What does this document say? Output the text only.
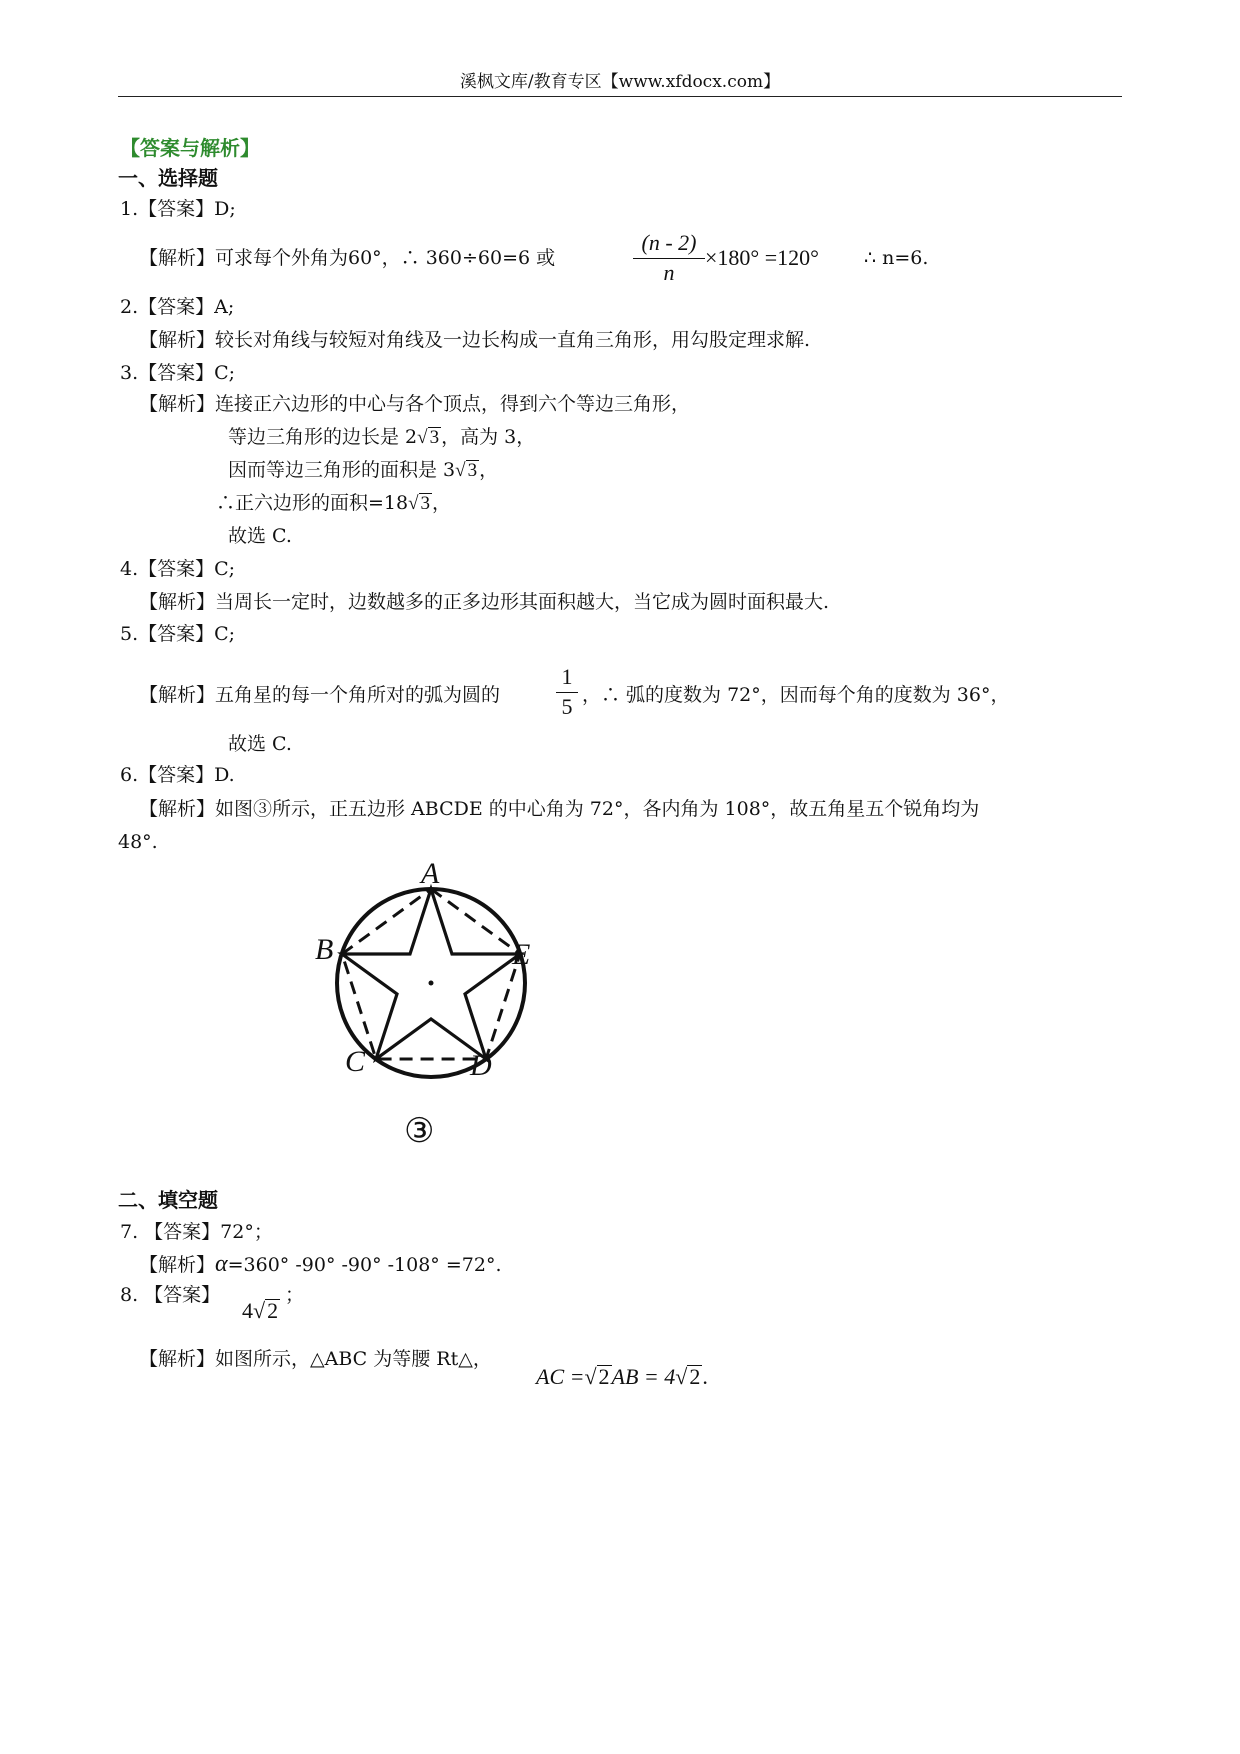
溪枫文库/教育专区【www.xfdocx.com】
【答案与解析】
一、选择题
1.【答案】D;
【解析】可求每个外角为60°，∴ 360÷60=6 或
(n - 2)
n
×180° =120° ∴ n=6.
2.【答案】A;
【解析】较长对角线与较短对角线及一边长构成一直角三角形，用勾股定理求解.
3.【答案】C;
【解析】连接正六边形的中心与各个顶点，得到六个等边三角形，
等边三角形的边长是 2√ 3 ，高为 3，
因而等边三角形的面积是 3√ 3 ，
∴正六边形的面积=18√ 3 ，
故选 C.
4.【答案】C;
【解析】当周长一定时，边数越多的正多边形其面积越大，当它成为圆时面积最大.
5.【答案】C;
【解析】五角星的每一个角所对的弧为圆的
1
5 ，∴ 弧的度数为 72°，因而每个角的度数为 36°，
故选 C.
6.【答案】D.
【解析】如图③所示，正五边形 ABCDE 的中心角为 72°，各内角为 108°，故五角星五个锐角均为
48°.
A
B	E
C	D
③
二、填空题
7. 【答案】72°；
【解析】α=360° -90° -90° -108° =72°.
8. 【答案】
4√2
；
【解析】如图所示，△ABC 为等腰 Rt△，
AC =√2AB = 4√2.
